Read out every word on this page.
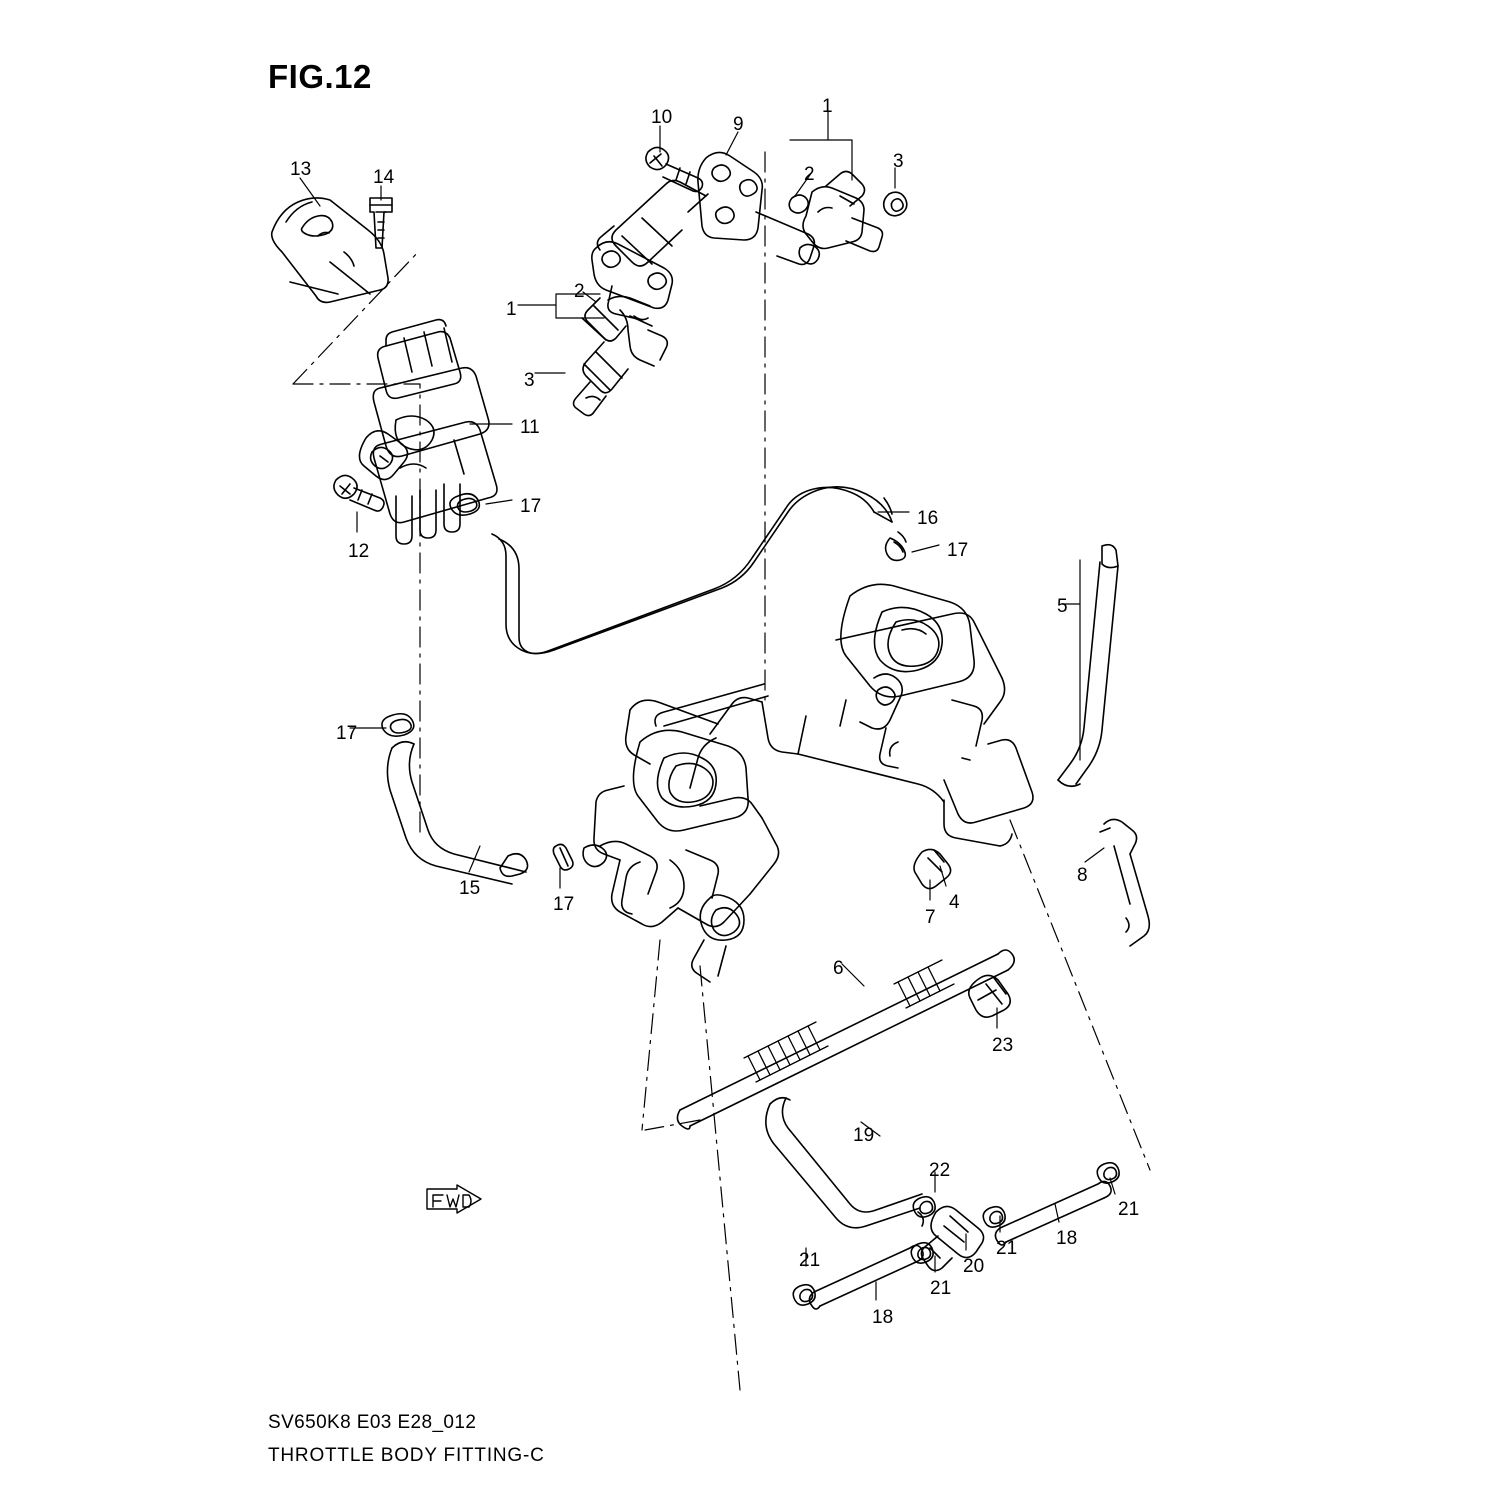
FIG.12
13	14
10	9
1
2
3
1
2
3
11
12
17
16
17
5
17
15
17
7
4
8
6
23
19
22
21
18
21
20
21
21
18
SV650K8 E03 E28_012
THROTTLE BODY FITTING-C
